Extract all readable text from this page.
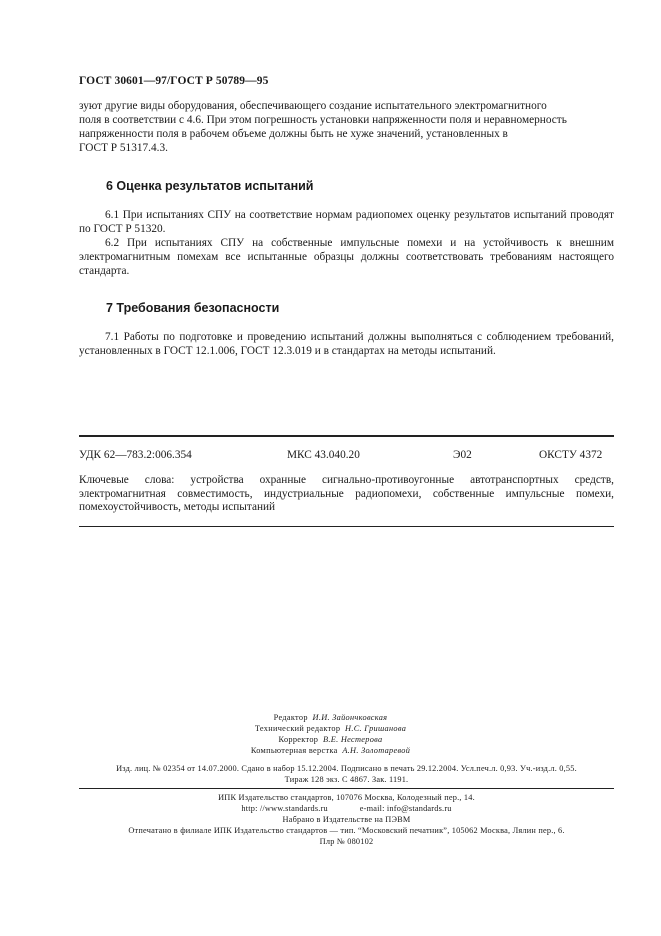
ГОСТ 30601—97/ГОСТ Р 50789—95

зуют другие виды оборудования, обеспечивающего создание испытательного электромагнитного

поля в соответствии с 4.6. При этом погрешность установки напряженности поля и неравномерность

напряженности поля в рабочем объеме должны быть не хуже значений, установленных в

ГОСТ Р 51317.4.3.

6 Оценка результатов испытаний

6.1 При испытаниях СПУ на соответствие нормам радиопомех оценку результатов испытаний проводят по ГОСТ Р 51320.

6.2 При испытаниях СПУ на собственные импульсные помехи и на устойчивость к внешним электромагнитным помехам все испытанные образцы должны соответствовать требованиям настоящего стандарта.

7 Требования безопасности

7.1 Работы по подготовке и проведению испытаний должны выполняться с соблюдением требований, установленных в ГОСТ 12.1.006, ГОСТ 12.3.019 и в стандартах на методы испытаний.

УДК 62—783.2:006.354	МКС 43.040.20	Э02	ОКСТУ 4372
Ключевые слова: устройства охранные сигнально-противоугонные автотранспортных средств, электромагнитная совместимость, индустриальные радиопомехи, собственные импульсные помехи, помехоустойчивость, методы испытаний
Редактор И.И. Зайончковская
Технический редактор Н.С. Гришанова
Корректор В.Е. Нестерова
Компьютерная верстка А.Н. Золотаревой
Изд. лиц. № 02354 от 14.07.2000. Сдано в набор 15.12.2004. Подписано в печать 29.12.2004. Усл.печ.л. 0,93. Уч.-изд.л. 0,55.
Тираж 128 экз. С 4867. Зак. 1191.
ИПК Издательство стандартов, 107076 Москва, Колодезный пер., 14.
http: //www.standards.ru	e-mail: info@standards.ru
Набрано в Издательстве на ПЭВМ
Отпечатано в филиале ИПК Издательство стандартов — тип. “Московский печатник”, 105062 Москва, Лялин пер., 6.
Плр № 080102
